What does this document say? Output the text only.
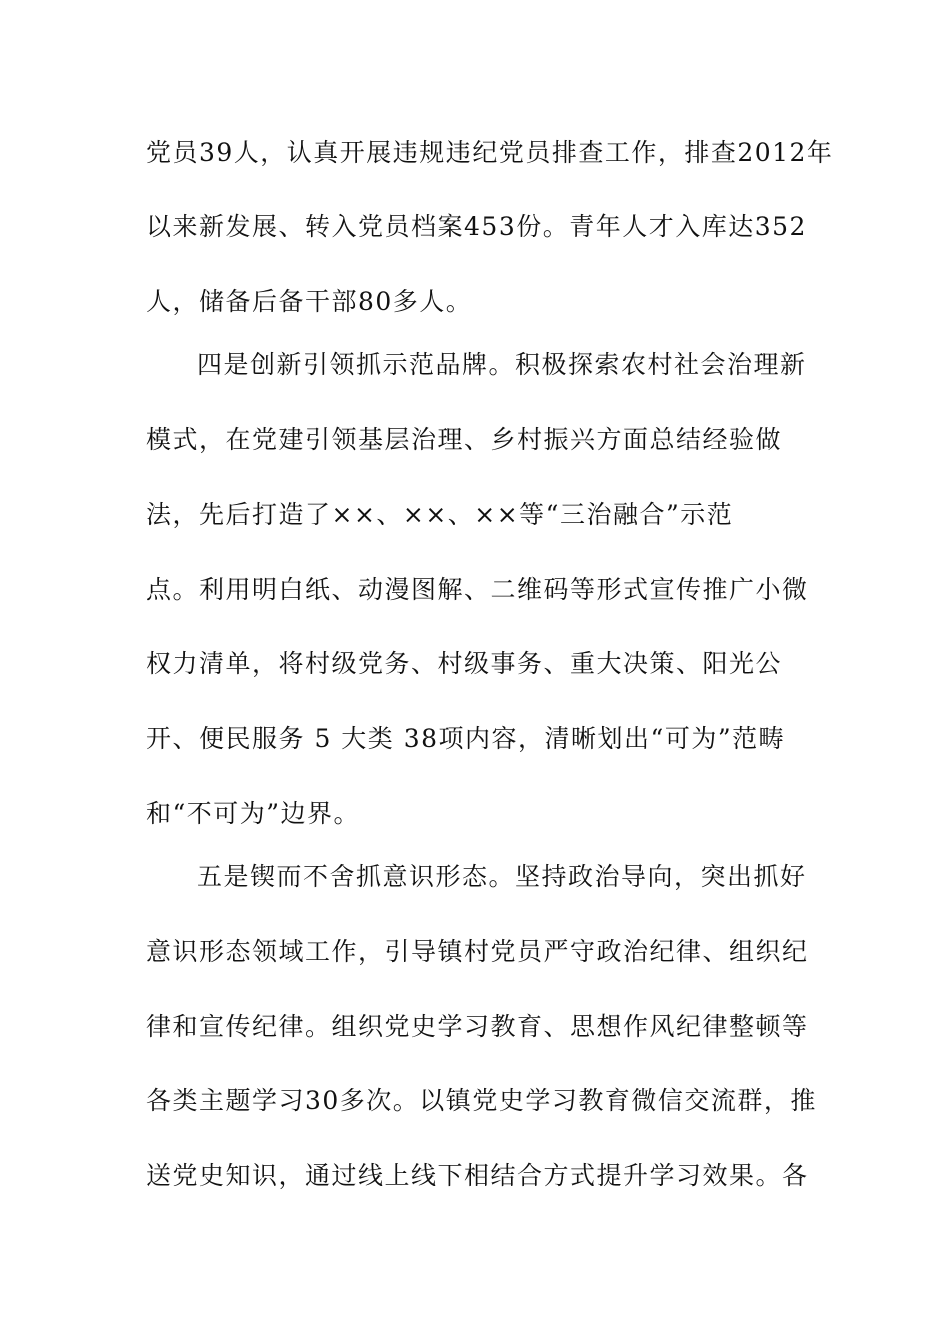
党员39人，认真开展违规违纪党员排查工作，排查2012年
以来新发展、转入党员档案453份。青年人才入库达352
人，储备后备干部80多人。
四是创新引领抓示范品牌。积极探索农村社会治理新
模式，在党建引领基层治理、乡村振兴方面总结经验做
法，先后打造了××、××、××等“三治融合”示范
点。利用明白纸、动漫图解、二维码等形式宣传推广小微
权力清单，将村级党务、村级事务、重大决策、阳光公
开、便民服务 5 大类 38项内容，清晰划出“可为”范畴
和“不可为”边界。
五是锲而不舍抓意识形态。坚持政治导向，突出抓好
意识形态领域工作，引导镇村党员严守政治纪律、组织纪
律和宣传纪律。组织党史学习教育、思想作风纪律整顿等
各类主题学习30多次。以镇党史学习教育微信交流群，推
送党史知识，通过线上线下相结合方式提升学习效果。各
